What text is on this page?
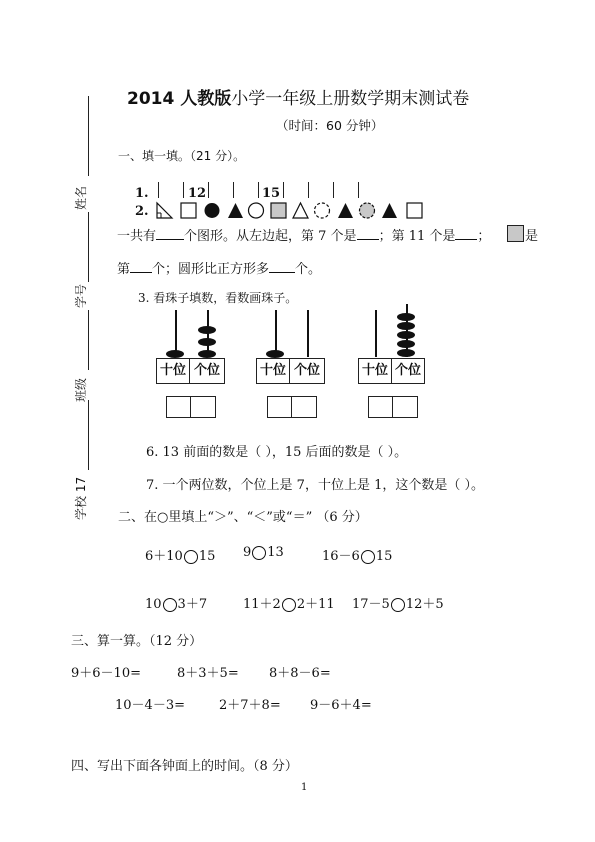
2014 人教版小学一年级上册数学期末测试卷
（时间：60 分钟）
姓名
学号
班级
学校 17
一、填一填。（21 分）。
1.	12	15
2.
一共有 个图形。从左边起，第 7 个是 ；第 11 个是 ；	是
第 个；圆形比正方形多 个。
3. 看珠子填数，看数画珠子。
十位 个位	十位 个位	十位 个位
6. 13 前面的数是（ ），15 后面的数是（ ）。
7. 一个两位数，个位上是 7，十位上是 1，这个数是（ ）。
二、在○里填上“＞”、“＜”或“＝” （6 分）
6＋10 15 9 13	16－6 15
10 3＋7	11＋2 2＋11 17－5 12＋5
三、算一算。（12 分）
9＋6－10=	8＋3＋5= 8＋8－6=
10－4－3=	2＋7＋8= 9－6＋4=
四、写出下面各钟面上的时间。（8 分）
1
